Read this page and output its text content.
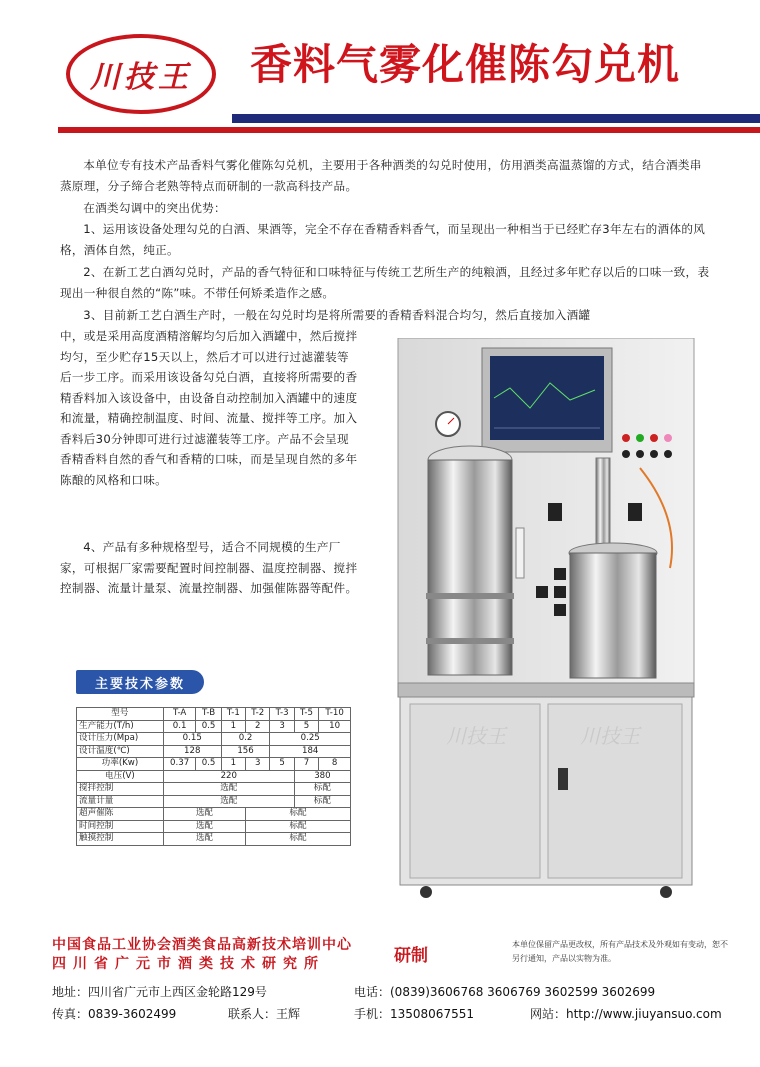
川技王 香料气雾化催陈勾兑机
本单位专有技术产品香料气雾化催陈勾兑机，主要用于各种酒类的勾兑时使用，仿用酒类高温蒸馏的方式，结合酒类串蒸原理，分子缔合老熟等特点而研制的一款高科技产品。
在酒类勾调中的突出优势：
1、运用该设备处理勾兑的白酒、果酒等，完全不存在香精香料香气，而呈现出一种相当于已经贮存3年左右的酒体的风格，酒体自然，纯正。
2、在新工艺白酒勾兑时，产品的香气特征和口味特征与传统工艺所生产的纯粮酒，且经过多年贮存以后的口味一致，表现出一种很自然的“陈”味。不带任何矫柔造作之感。
3、目前新工艺白酒生产时，一般在勾兑时均是将所需要的香精香料混合均匀，然后直接加入酒罐
中，或是采用高度酒精溶解均匀后加入酒罐中，然后搅拌均匀，至少贮存15天以上，然后才可以进行过滤灌装等后一步工序。而采用该设备勾兑白酒，直接将所需要的香精香料加入该设备中，由设备自动控制加入酒罐中的速度和流量，精确控制温度、时间、流量、搅拌等工序。加入香料后30分钟即可进行过滤灌装等工序。产品不会呈现香精香料自然的香气和香精的口味，而是呈现自然的多年陈酿的风格和口味。
4、产品有多种规格型号，适合不同规模的生产厂家，可根据厂家需要配置时间控制器、温度控制器、搅拌控制器、流量计量泵、流量控制器、加强催陈器等配件。
川技王	川技王
主要技术参数
型号	T-A	T-B	T-1	T-2	T-3	T-5	T-10
生产能力(T/h)	0.1	0.5	1	2	3	5	10
设计压力(Mpa)	0.15		0.2		0.25		
设计温度(℃)	128		156		184		
功率(Kw)	0.37	0.5	1	3	5	7	8
电压(V)	220					380	
搅拌控制	选配					标配	
流量计量	选配					标配	
超声催陈	选配			标配			
时间控制	选配			标配			
触摸控制	选配			标配			
中国食品工业协会酒类食品高新技术培训中心
四川省广元市酒类技术研究所	研制
本单位保留产品更改权，所有产品技术及外观如有变动，恕不另行通知，产品以实物为准。
地址：四川省广元市上西区金轮路129号	电话：(0839)3606768 3606769 3602599 3602699
传真：0839-3602499	联系人：王辉	手机：13508067551	网站：http://www.jiuyansuo.com
